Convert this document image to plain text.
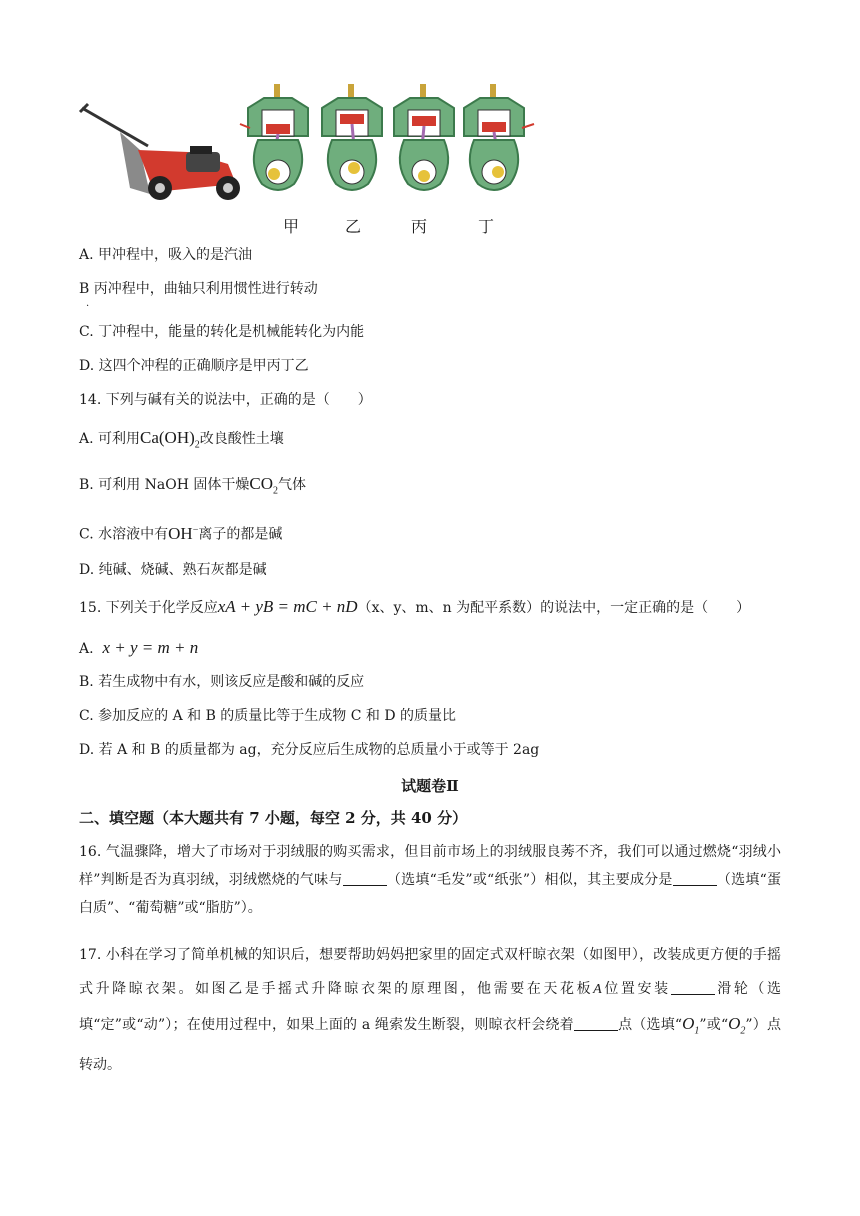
甲	乙	丙	丁
A. 甲冲程中，吸入的是汽油
B 丙冲程中，曲轴只利用惯性进行转动
.
C. 丁冲程中，能量的转化是机械能转化为内能
D. 这四个冲程的正确顺序是甲丙丁乙
14. 下列与碱有关的说法中，正确的是（　　）
A. 可利用$Ca(OH)_2$改良酸性土壤
B. 可利用 NaOH 固体干燥$CO_2$气体
C. 水溶液中有OH−离子的都是碱
D. 纯碱、烧碱、熟石灰都是碱
15. 下列关于化学反应xA + yB = mC + nD（x、y、m、n 为配平系数）的说法中，一定正确的是（　　）
A. x + y = m + n
B. 若生成物中有水，则该反应是酸和碱的反应
C. 参加反应的 A 和 B 的质量比等于生成物 C 和 D 的质量比
D. 若 A 和 B 的质量都为 ag，充分反应后生成物的总质量小于或等于 2ag
试题卷Ⅱ
二、填空题（本大题共有 7 小题，每空 2 分，共 40 分）
16. 气温骤降，增大了市场对于羽绒服的购买需求，但目前市场上的羽绒服良莠不齐，我们可以通过燃烧“羽绒小样”判断是否为真羽绒，羽绒燃烧的气味与	（选填“毛发”或“纸张”）相似，其主要成分是	（选填“蛋白质”、“葡萄糖”或“脂肪”）。
17. 小科在学习了简单机械的知识后，想要帮助妈妈把家里的固定式双杆晾衣架（如图甲），改装成更方便的手摇式升降晾衣架。如图乙是手摇式升降晾衣架的原理图，他需要在天花板A位置安装	滑轮（选填“定”或“动”）；在使用过程中，如果上面的 a 绳索发生断裂，则晾衣杆会绕着	点（选填“$O_1$”或“$O_2$”）点转动。
